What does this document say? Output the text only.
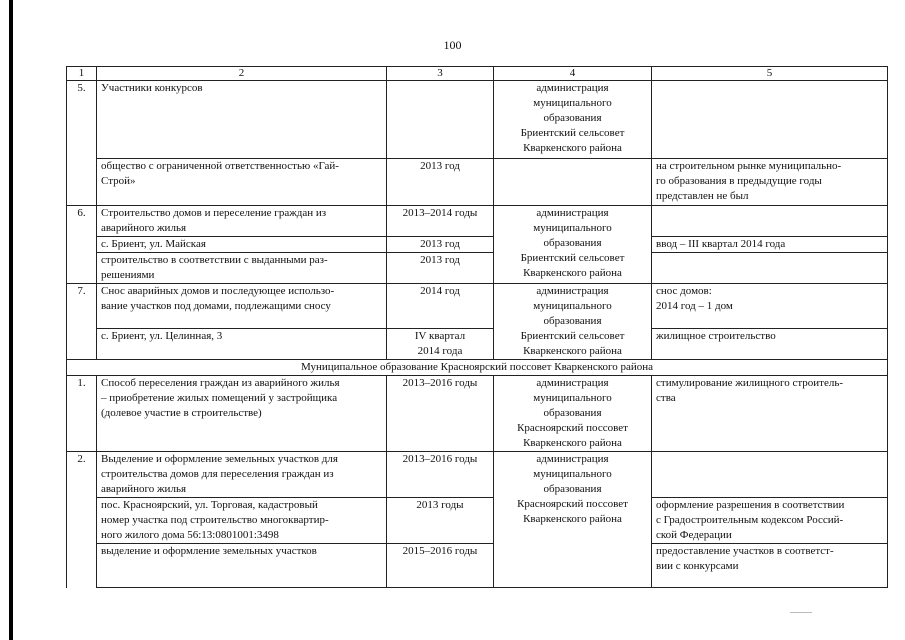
100
1	2	3	4	5
5.	Участники конкурсов		администрация
муниципального
образования
Бриентский сельсовет
Кваркенского района	
	общество с ограниченной ответственностью «Гай-
Строй»	2013 год		на строительном рынке муниципально-
го образования в предыдущие годы
представлен не был
6.	Строительство домов и переселение граждан из
аварийного жилья	2013–2014 годы	администрация
муниципального
образования
Бриентский сельсовет
Кваркенского района	
	с. Бриент, ул. Майская	2013 год		ввод – III квартал 2014 года
	строительство в соответствии с выданными раз-
решениями	2013 год		
7.	Снос аварийных домов и последующее использо-
вание участков под домами, подлежащими сносу	2014 год	администрация
муниципального
образования
Бриентский сельсовет
Кваркенского района	снос домов:
2014 год – 1 дом
	с. Бриент, ул. Целинная, 3	IV квартал
2014 года		жилищное строительство
Муниципальное образование Красноярский поссовет Кваркенского района				
1.	Способ переселения граждан из аварийного жилья
– приобретение жилых помещений у застройщика
(долевое участие в строительстве)	2013–2016 годы	администрация
муниципального
образования
Красноярский поссовет
Кваркенского района	стимулирование жилищного строитель-
ства
2.	Выделение и оформление земельных участков для
строительства домов для переселения граждан из
аварийного жилья	2013–2016 годы	администрация
муниципального
образования
Красноярский поссовет
Кваркенского района	
	пос. Красноярский, ул. Торговая, кадастровый
номер участка под строительство многоквартир-
ного жилого дома 56:13:0801001:3498	2013 годы		оформление разрешения в соответствии
с Градостроительным кодексом Россий-
ской Федерации
	выделение и оформление земельных участков	2015–2016 годы		предоставление участков в соответст-
вии с конкурсами
